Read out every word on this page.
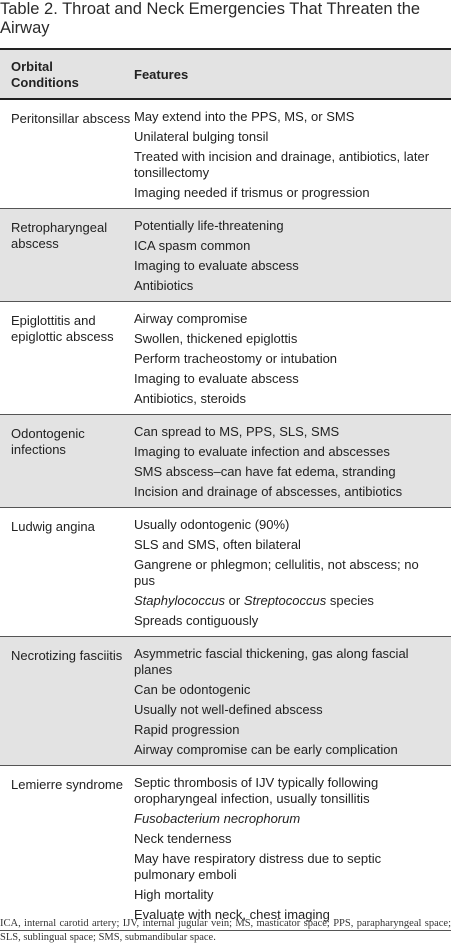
Table 2. Throat and Neck Emergencies That Threaten the Airway
Orbital Conditions
Features
Peritonsillar abscess May extend into the PPS, MS, or SMS
Unilateral bulging tonsil
Treated with incision and drainage, antibiotics, later tonsillectomy
Imaging needed if trismus or progression
Retropharyngeal abscess
Potentially life-threatening
ICA spasm common
Imaging to evaluate abscess
Antibiotics
Epiglottitis and epiglottic abscess
Airway compromise
Swollen, thickened epiglottis
Perform tracheostomy or intubation
Imaging to evaluate abscess
Antibiotics, steroids
Odontogenic infections
Can spread to MS, PPS, SLS, SMS
Imaging to evaluate infection and abscesses
SMS abscess–can have fat edema, stranding
Incision and drainage of abscesses, antibiotics
Ludwig angina	Usually odontogenic (90%)
SLS and SMS, often bilateral
Gangrene or phlegmon; cellulitis, not abscess; no pus
Staphylococcus or Streptococcus species
Spreads contiguously
Necrotizing fasciitis Asymmetric fascial thickening, gas along fascial planes
Can be odontogenic
Usually not well-defined abscess
Rapid progression
Airway compromise can be early complication
Lemierre syndrome Septic thrombosis of IJV typically following oropharyngeal infection, usually tonsillitis
Fusobacterium necrophorum
Neck tenderness
May have respiratory distress due to septic pulmonary emboli
High mortality
Evaluate with neck, chest imaging
ICA, internal carotid artery; IJV, internal jugular vein; MS, masticator space; PPS, parapharyngeal space; SLS, sublingual space; SMS, submandibular space.
